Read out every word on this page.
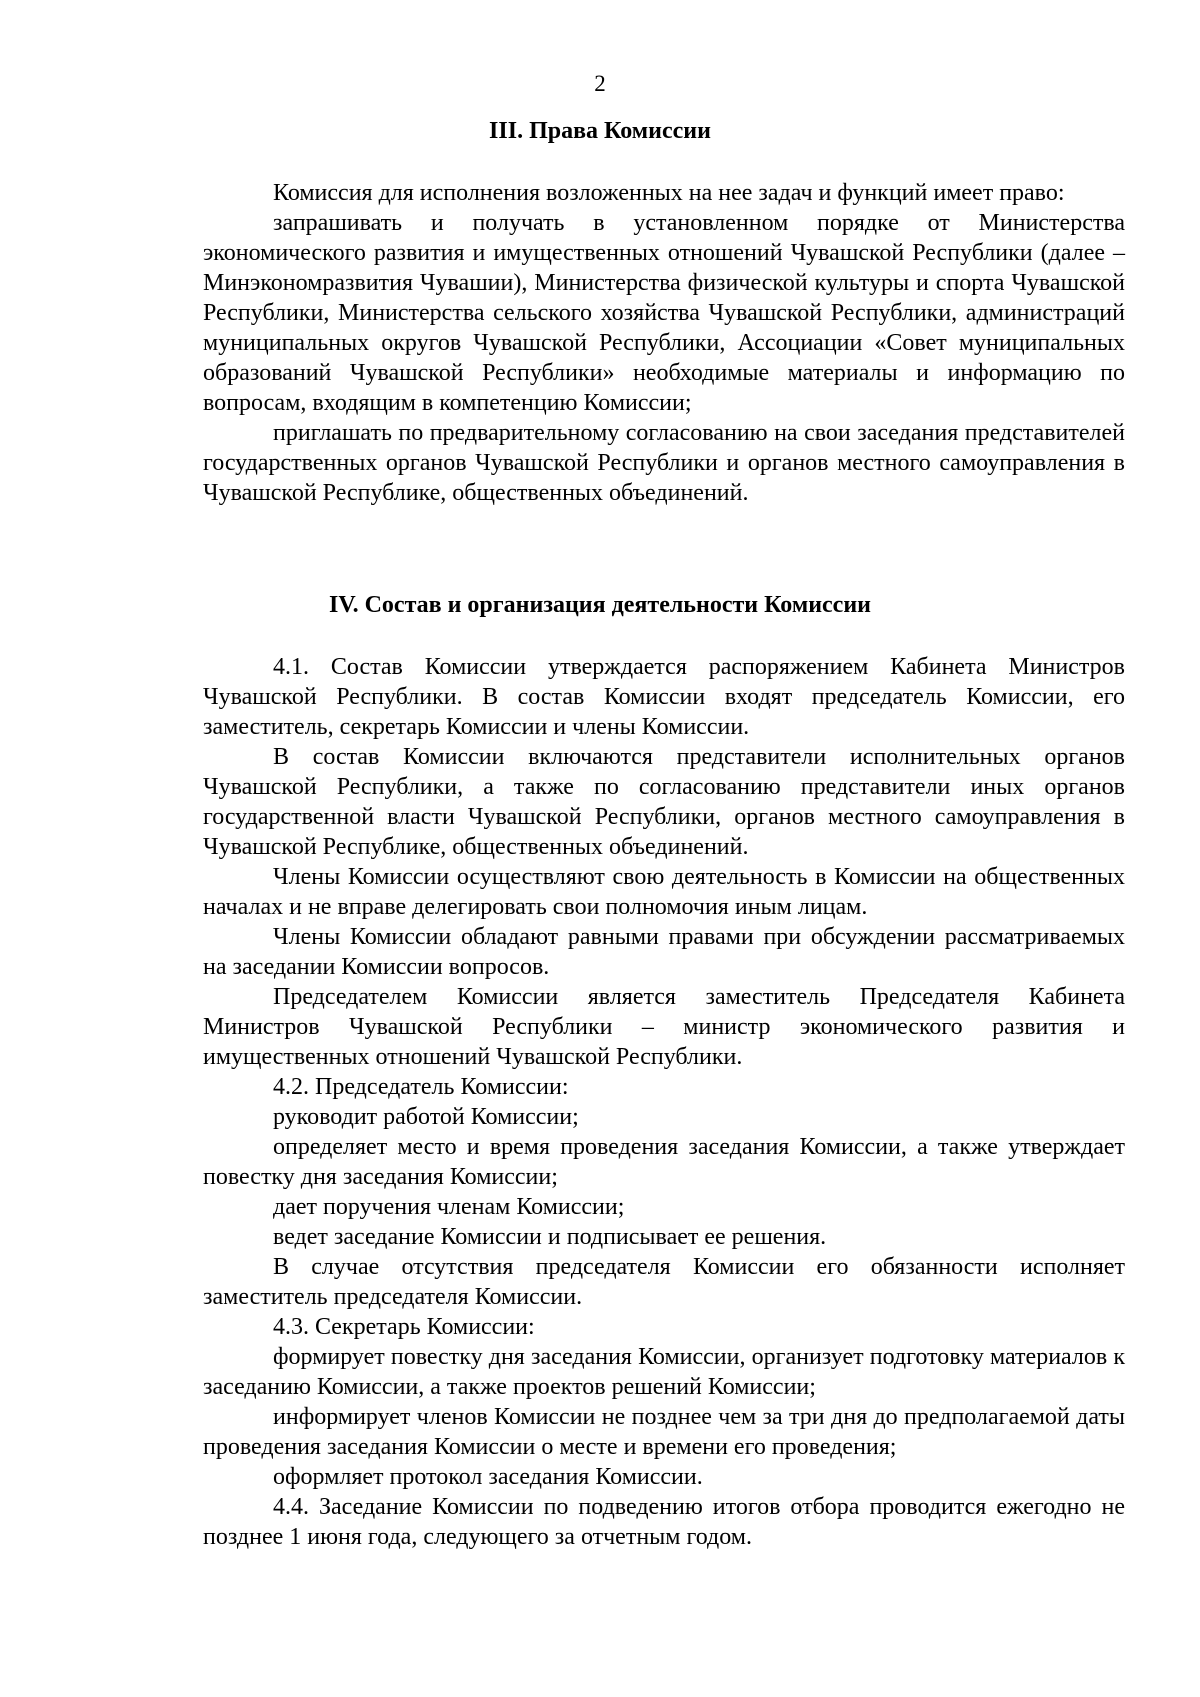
2
III. Права Комиссии

Комиссия для исполнения возложенных на нее задач и функций имеет право:

запрашивать и получать в установленном порядке от Министерства экономического развития и имущественных отношений Чувашской Республики (далее – Минэкономразвития Чувашии), Министерства физической культуры и спорта Чувашской Республики, Министерства сельского хозяйства Чувашской Республики, администраций муниципальных округов Чувашской Республики, Ассоциации «Совет муниципальных образований Чувашской Республики» необходимые материалы и информацию по вопросам, входящим в компетенцию Комиссии;

приглашать по предварительному согласованию на свои заседания представителей государственных органов Чувашской Республики и органов местного самоуправления в Чувашской Республике, общественных объединений.

IV. Состав и организация деятельности Комиссии

4.1. Состав Комиссии утверждается распоряжением Кабинета Министров Чувашской Республики. В состав Комиссии входят председатель Комиссии, его заместитель, секретарь Комиссии и члены Комиссии.

В состав Комиссии включаются представители исполнительных органов Чувашской Республики, а также по согласованию представители иных органов государственной власти Чувашской Республики, органов местного самоуправления в Чувашской Республике, общественных объединений.

Члены Комиссии осуществляют свою деятельность в Комиссии на общественных началах и не вправе делегировать свои полномочия иным лицам.

Члены Комиссии обладают равными правами при обсуждении рассматриваемых на заседании Комиссии вопросов.

Председателем Комиссии является заместитель Председателя Кабинета Министров Чувашской Республики – министр экономического развития и имущественных отношений Чувашской Республики.

4.2. Председатель Комиссии:

руководит работой Комиссии;

определяет место и время проведения заседания Комиссии, а также утверждает повестку дня заседания Комиссии;

дает поручения членам Комиссии;

ведет заседание Комиссии и подписывает ее решения.

В случае отсутствия председателя Комиссии его обязанности исполняет заместитель председателя Комиссии.

4.3. Секретарь Комиссии:

формирует повестку дня заседания Комиссии, организует подготовку материалов к заседанию Комиссии, а также проектов решений Комиссии;

информирует членов Комиссии не позднее чем за три дня до предполагаемой даты проведения заседания Комиссии о месте и времени его проведения;

оформляет протокол заседания Комиссии.

4.4. Заседание Комиссии по подведению итогов отбора проводится ежегодно не позднее 1 июня года, следующего за отчетным годом.
